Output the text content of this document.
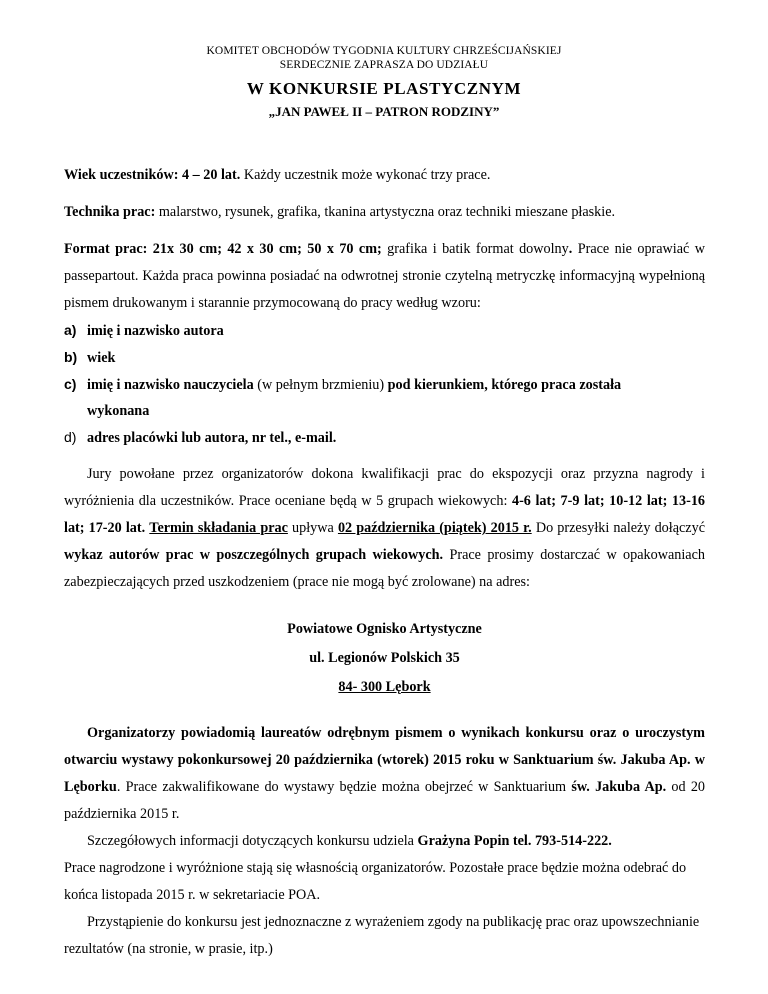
KOMITET OBCHODÓW TYGODNIA KULTURY CHRZEŚCIJAŃSKIEJ
SERDECZNIE ZAPRASZA DO UDZIAŁU
W KONKURSIE PLASTYCZNYM
„JAN PAWEŁ II – PATRON RODZINY”

Wiek uczestników: 4 – 20 lat. Każdy uczestnik może wykonać trzy prace.

Technika prac: malarstwo, rysunek, grafika, tkanina artystyczna oraz techniki mieszane płaskie.

Format prac: 21x 30 cm; 42 x 30 cm; 50 x 70 cm; grafika i batik format dowolny. Prace nie oprawiać w passepartout. Każda praca powinna posiadać na odwrotnej stronie czytelną metryczkę informacyjną wypełnioną pismem drukowanym i starannie przymocowaną do pracy według wzoru:

a) imię i nazwisko autora
b) wiek
c) imię i nazwisko nauczyciela (w pełnym brzmieniu) pod kierunkiem, którego praca została
wykonana
d) adres placówki lub autora, nr tel., e-mail.

Jury powołane przez organizatorów dokona kwalifikacji prac do ekspozycji oraz przyzna nagrody i wyróżnienia dla uczestników. Prace oceniane będą w 5 grupach wiekowych: 4-6 lat; 7-9 lat; 10-12 lat; 13-16 lat; 17-20 lat. Termin składania prac upływa 02 października (piątek) 2015 r. Do przesyłki należy dołączyć wykaz autorów prac w poszczególnych grupach wiekowych. Prace prosimy dostarczać w opakowaniach zabezpieczających przed uszkodzeniem (prace nie mogą być zrolowane) na adres:

Powiatowe Ognisko Artystyczne
ul. Legionów Polskich 35
84- 300 Lębork

Organizatorzy powiadomią laureatów odrębnym pismem o wynikach konkursu oraz o uroczystym otwarciu wystawy pokonkursowej 20 października (wtorek) 2015 roku w Sanktuarium św. Jakuba Ap. w Lęborku. Prace zakwalifikowane do wystawy będzie można obejrzeć w Sanktuarium św. Jakuba Ap. od 20 października 2015 r.

Szczegółowych informacji dotyczących konkursu udziela Grażyna Popin tel. 793-514-222.

Prace nagrodzone i wyróżnione stają się własnością organizatorów. Pozostałe prace będzie można odebrać do końca listopada 2015 r. w sekretariacie POA.

Przystąpienie do konkursu jest jednoznaczne z wyrażeniem zgody na publikację prac oraz upowszechnianie rezultatów (na stronie, w prasie, itp.)
